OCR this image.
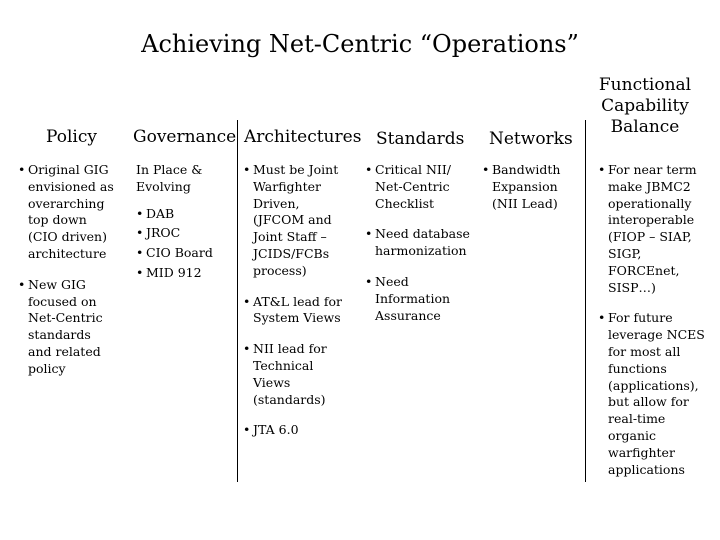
Achieving Net-Centric “Operations”
Policy Governance Architectures Standards Networks
Functional
Capability
Balance
• Original GIG
envisioned as
overarching
top down
(CIO driven)
architecture
• New GIG
focused on
Net-Centric
standards
and related
policy
In Place &
Evolving
• DAB
• JROC
• CIO Board
• MID 912
• Must be Joint
Warfighter
Driven,
(JFCOM and
Joint Staff –
JCIDS/FCBs
process)
• AT&L lead for
System Views
• NII lead for
Technical
Views
(standards)
• JTA 6.0
• Critical NII/
Net-Centric
Checklist
• Need database
harmonization
• Need
Information
Assurance
• Bandwidth
Expansion
(NII Lead)
• For near term
make JBMC2
operationally
interoperable
(FIOP – SIAP,
SIGP, FORCEnet,
SISP…)
• For future
leverage NCES
for most all
functions
(applications),
but allow for
real-time
organic
warfighter
applications
